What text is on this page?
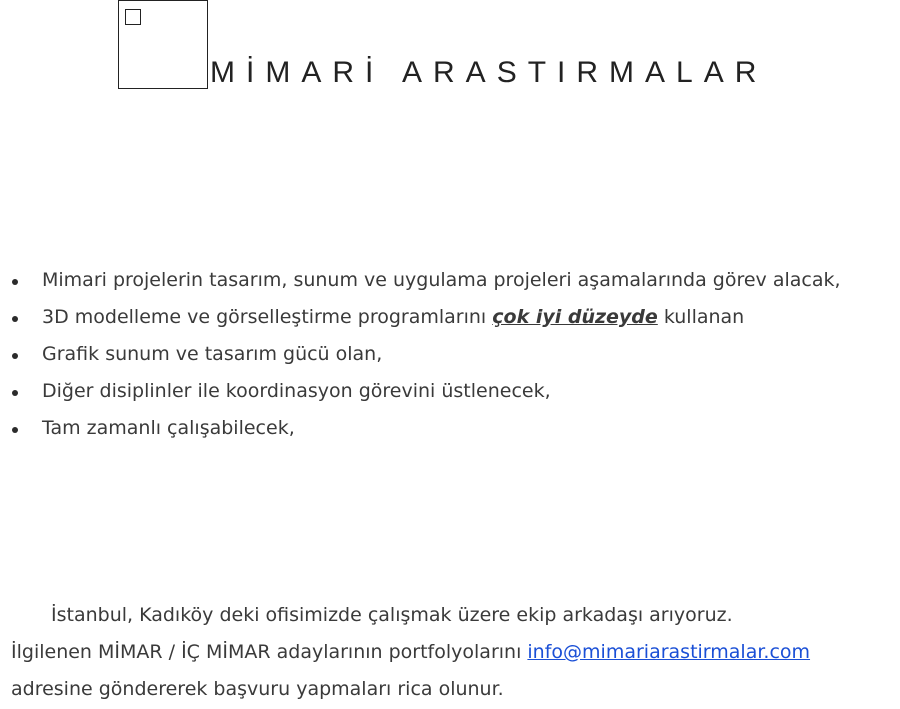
MİMARİ ARASTIRMALAR
Mimari projelerin tasarım, sunum ve uygulama projeleri aşamalarında görev alacak,
3D modelleme ve görselleştirme programlarını çok iyi düzeyde kullanan
Grafik sunum ve tasarım gücü olan,
Diğer disiplinler ile koordinasyon görevini üstlenecek,
Tam zamanlı çalışabilecek,
İstanbul, Kadıköy deki ofisimizde çalışmak üzere ekip arkadaşı arıyoruz.
İlgilenen MİMAR / İÇ MİMAR adaylarının portfolyolarını info@mimariarastirmalar.com
adresine göndererek başvuru yapmaları rica olunur.
